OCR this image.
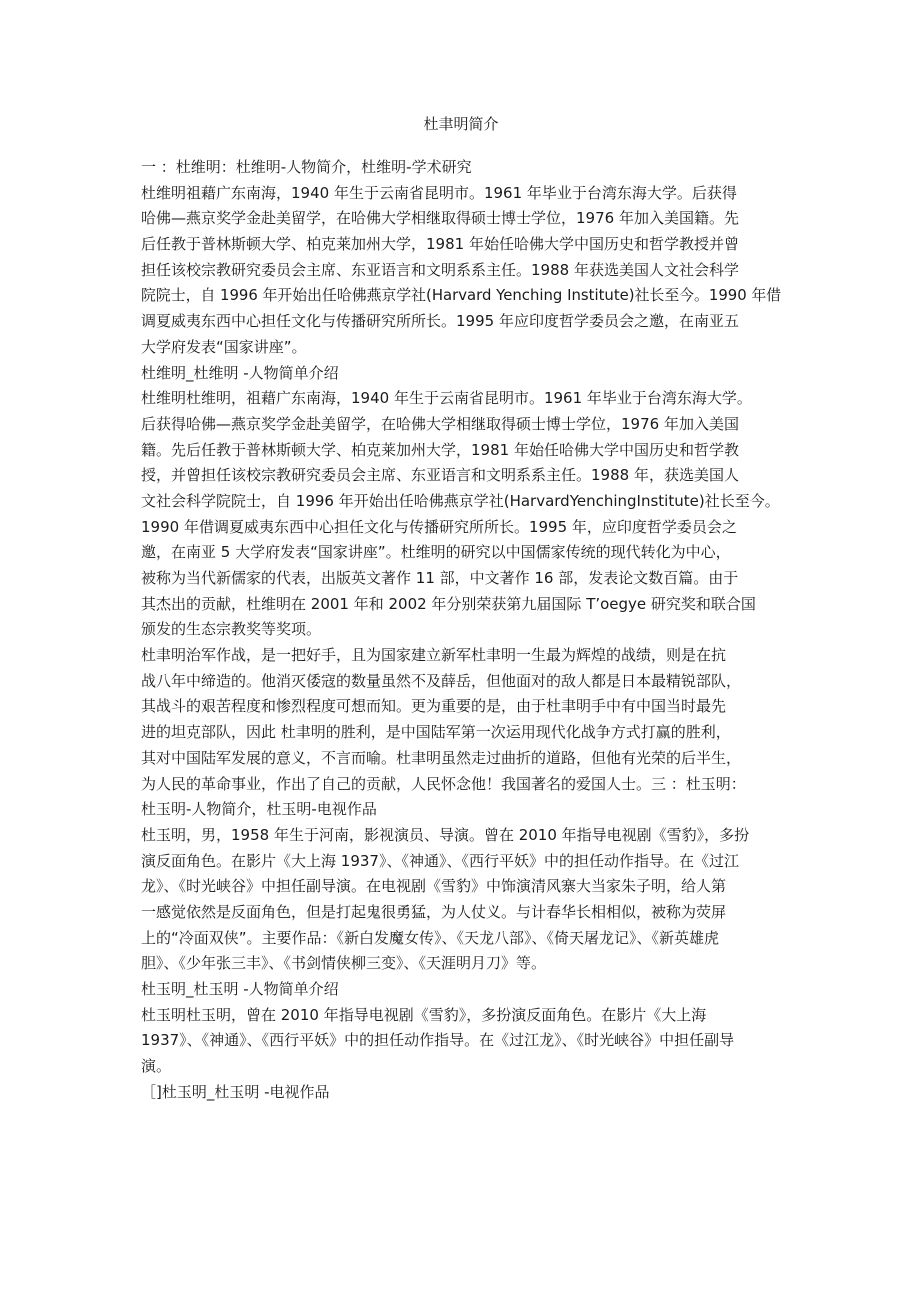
杜聿明简介

一 ：杜维明：杜维明-人物简介，杜维明-学术研究

杜维明祖藉广东南海，1940 年生于云南省昆明市。1961 年毕业于台湾东海大学。后获得

哈佛—燕京奖学金赴美留学，在哈佛大学相继取得硕士博士学位，1976 年加入美国籍。先

后任教于普林斯顿大学、柏克莱加州大学，1981 年始任哈佛大学中国历史和哲学教授并曾

担任该校宗教研究委员会主席、东亚语言和文明系系主任。1988 年获选美国人文社会科学

院院士，自 1996 年开始出任哈佛燕京学社(Harvard Yenching Institute)社长至今。1990 年借

调夏威夷东西中心担任文化与传播研究所所长。1995 年应印度哲学委员会之邀，在南亚五

大学府发表“国家讲座”。

杜维明_杜维明 -人物简单介绍

杜维明杜维明，祖藉广东南海，1940 年生于云南省昆明市。1961 年毕业于台湾东海大学。

后获得哈佛—燕京奖学金赴美留学，在哈佛大学相继取得硕士博士学位，1976 年加入美国

籍。先后任教于普林斯顿大学、柏克莱加州大学，1981 年始任哈佛大学中国历史和哲学教

授，并曾担任该校宗教研究委员会主席、东亚语言和文明系系主任。1988 年，获选美国人

文社会科学院院士，自 1996 年开始出任哈佛燕京学社(HarvardYenchingInstitute)社长至今。

1990 年借调夏威夷东西中心担任文化与传播研究所所长。1995 年，应印度哲学委员会之

邀，在南亚 5 大学府发表“国家讲座”。杜维明的研究以中国儒家传统的现代转化为中心，

被称为当代新儒家的代表，出版英文著作 11 部，中文著作 16 部，发表论文数百篇。由于

其杰出的贡献，杜维明在 2001 年和 2002 年分别荣获第九届国际 T’oegye 研究奖和联合国

颁发的生态宗教奖等奖项。

杜聿明治军作战，是一把好手，且为国家建立新军杜聿明一生最为辉煌的战绩，则是在抗

战八年中缔造的。他消灭倭寇的数量虽然不及薛岳，但他面对的敌人都是日本最精锐部队，

其战斗的艰苦程度和惨烈程度可想而知。更为重要的是，由于杜聿明手中有中国当时最先

进的坦克部队，因此 杜聿明的胜利，是中国陆军第一次运用现代化战争方式打赢的胜利，

其对中国陆军发展的意义，不言而喻。杜聿明虽然走过曲折的道路，但他有光荣的后半生，

为人民的革命事业，作出了自己的贡献，人民怀念他！我国著名的爱国人士。三 ：杜玉明：

杜玉明-人物简介，杜玉明-电视作品

杜玉明，男，1958 年生于河南，影视演员、导演。曾在 2010 年指导电视剧《雪豹》，多扮

演反面角色。在影片《大上海 1937》、《神通》、《西行平妖》中的担任动作指导。在《过江

龙》、《时光峡谷》中担任副导演。在电视剧《雪豹》中饰演清风寨大当家朱子明，给人第

一感觉依然是反面角色，但是打起鬼很勇猛，为人仗义。与计春华长相相似，被称为荧屏

上的“冷面双侠”。主要作品：《新白发魔女传》、《天龙八部》、《倚天屠龙记》、《新英雄虎

胆》、《少年张三丰》、《书剑情侠柳三变》、《天涯明月刀》等。

杜玉明_杜玉明 -人物简单介绍

杜玉明杜玉明，曾在 2010 年指导电视剧《雪豹》，多扮演反面角色。在影片《大上海

1937》、《神通》、《西行平妖》中的担任动作指导。在《过江龙》、《时光峡谷》中担任副导

演。

［]杜玉明_杜玉明 -电视作品
